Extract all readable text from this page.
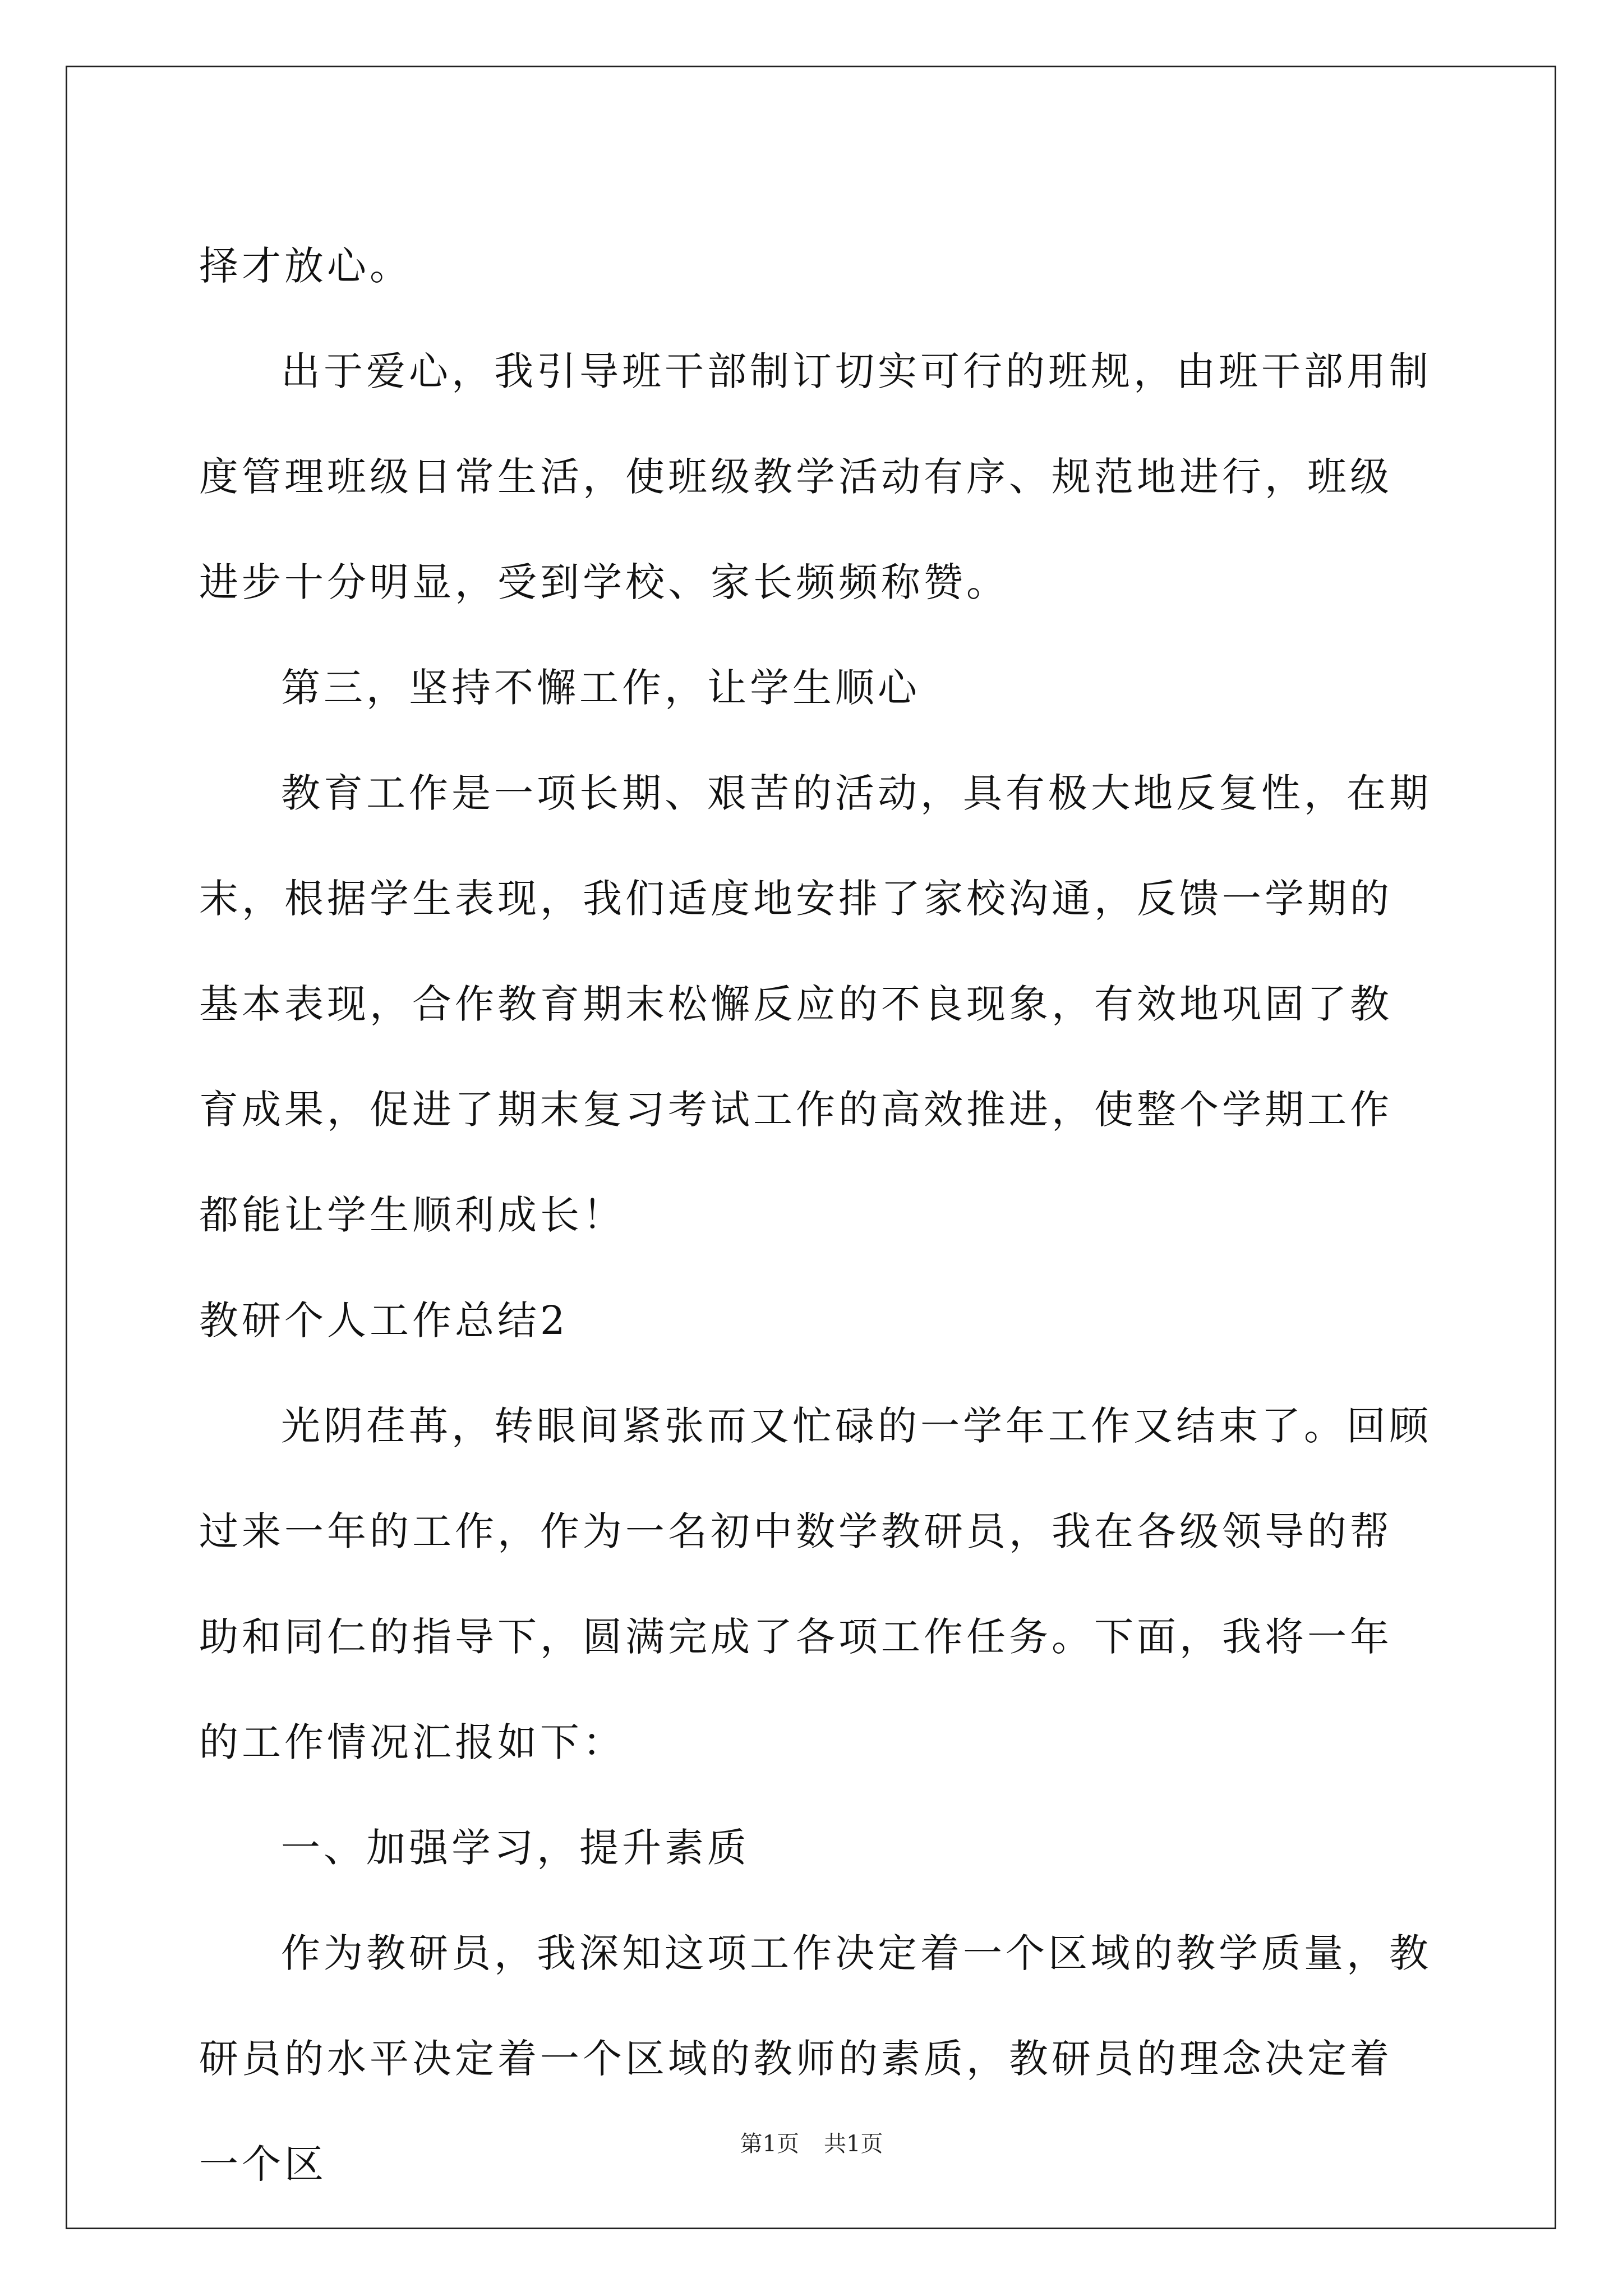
择才放心。

出于爱心，我引导班干部制订切实可行的班规，由班干部用制度管理班级日常生活，使班级教学活动有序、规范地进行，班级进步十分明显，受到学校、家长频频称赞。

第三，坚持不懈工作，让学生顺心

教育工作是一项长期、艰苦的活动，具有极大地反复性，在期末，根据学生表现，我们适度地安排了家校沟通，反馈一学期的基本表现，合作教育期末松懈反应的不良现象，有效地巩固了教育成果，促进了期末复习考试工作的高效推进，使整个学期工作都能让学生顺利成长！

教研个人工作总结2

光阴荏苒，转眼间紧张而又忙碌的一学年工作又结束了。回顾过来一年的工作，作为一名初中数学教研员，我在各级领导的帮助和同仁的指导下，圆满完成了各项工作任务。下面，我将一年的工作情况汇报如下：

一、加强学习，提升素质

作为教研员，我深知这项工作决定着一个区域的教学质量，教研员的水平决定着一个区域的教师的素质，教研员的理念决定着一个区	第1页 共1页
